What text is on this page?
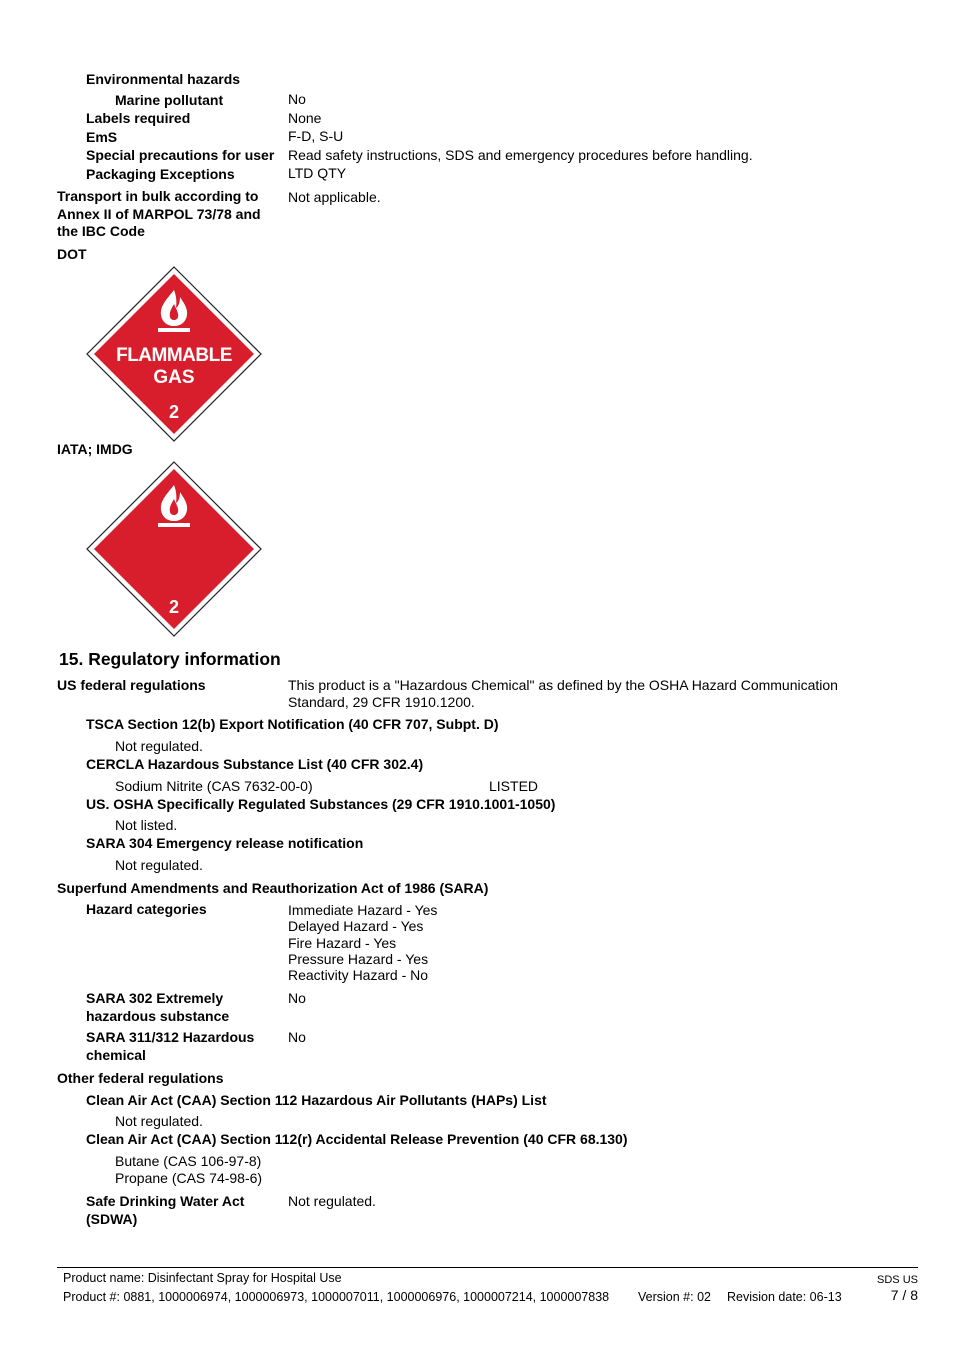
Environmental hazards
Marine pollutant	No
Labels required	None
EmS	F-D, S-U
Special precautions for user Read safety instructions, SDS and emergency procedures before handling.
Packaging Exceptions	LTD QTY
Transport in bulk according to
Annex II of MARPOL 73/78 and
the IBC Code
Not applicable.
DOT
FLAMMABLE
GAS
2
IATA; IMDG
2
15. Regulatory information
US federal regulations	This product is a "Hazardous Chemical" as defined by the OSHA Hazard Communication
Standard, 29 CFR 1910.1200.
TSCA Section 12(b) Export Notification (40 CFR 707, Subpt. D)
Not regulated.
CERCLA Hazardous Substance List (40 CFR 302.4)
Sodium Nitrite (CAS 7632-00-0)	LISTED
US. OSHA Specifically Regulated Substances (29 CFR 1910.1001-1050)
Not listed.
SARA 304 Emergency release notification
Not regulated.
Superfund Amendments and Reauthorization Act of 1986 (SARA)
Hazard categories	Immediate Hazard - Yes
Delayed Hazard - Yes
Fire Hazard - Yes
Pressure Hazard - Yes
Reactivity Hazard - No
SARA 302 Extremely
hazardous substance
No
SARA 311/312 Hazardous
chemical
No
Other federal regulations
Clean Air Act (CAA) Section 112 Hazardous Air Pollutants (HAPs) List
Not regulated.
Clean Air Act (CAA) Section 112(r) Accidental Release Prevention (40 CFR 68.130)
Butane (CAS 106-97-8)
Propane (CAS 74-98-6)
Safe Drinking Water Act
(SDWA)
Not regulated.
Product name: Disinfectant Spray for Hospital Use
Product #: 0881, 1000006974, 1000006973, 1000007011, 1000006976, 1000007214, 1000007838 Version #: 02 Revision date: 06-13
SDS US
7 / 8
